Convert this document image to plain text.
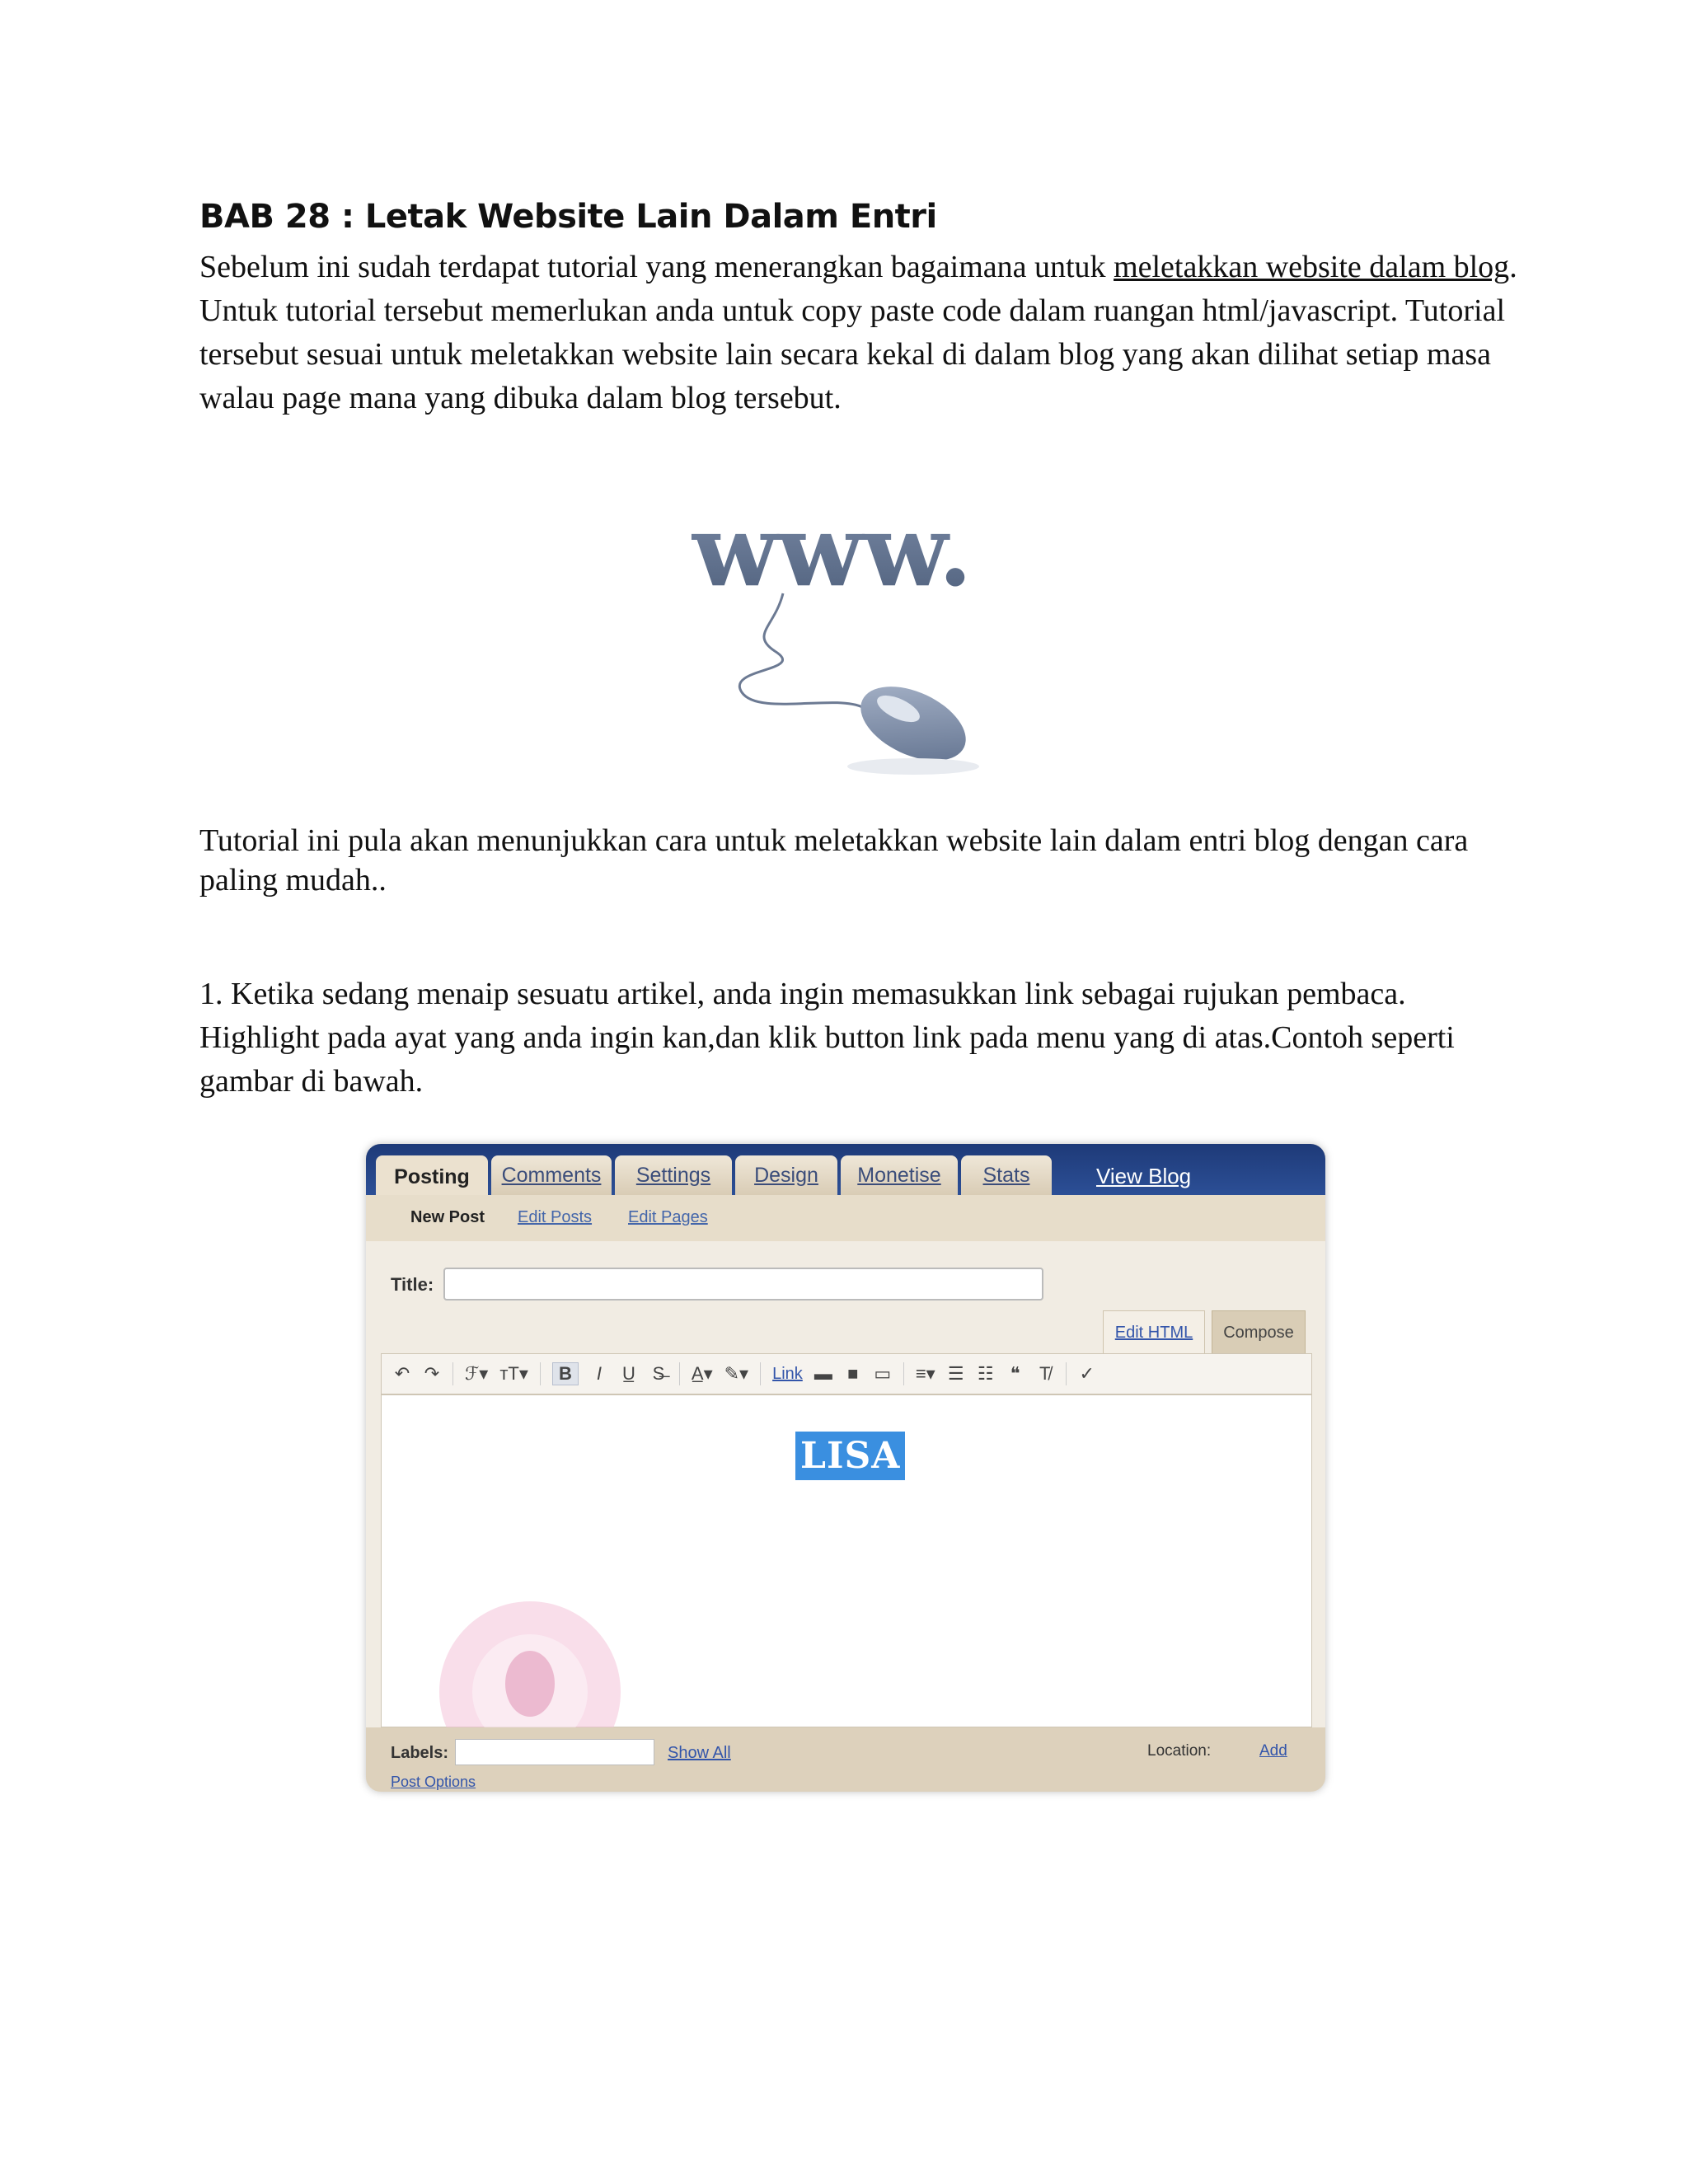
BAB 28 : Letak Website Lain Dalam Entri

Sebelum ini sudah terdapat tutorial yang menerangkan bagaimana untuk meletakkan website dalam blog. Untuk tutorial tersebut memerlukan anda untuk copy paste code dalam ruangan html/javascript. Tutorial tersebut sesuai untuk meletakkan website lain secara kekal di dalam blog yang akan dilihat setiap masa walau page mana yang dibuka dalam blog tersebut.

www.

Tutorial ini pula akan menunjukkan cara untuk meletakkan website lain dalam entri blog dengan cara paling mudah..

1. Ketika sedang menaip sesuatu artikel, anda ingin memasukkan link sebagai rujukan pembaca. Highlight pada ayat yang anda ingin kan,dan klik button link pada menu yang di atas.Contoh seperti gambar di bawah.

Posting	Comments	Settings	Design	Monetise	Stats	View Blog
New Post Edit Posts Edit Pages
Title:
Edit HTML	Compose
↶ ↷ ℱ▾ тT▾	B	I	U̲ S̶ A̲▾ ✎▾ Link ▬ ■ ▭ ≡▾ ☰ ☷ ❝ T̸ ✓
LISA
Labels:	Show All	Location:	Add
Post Options
